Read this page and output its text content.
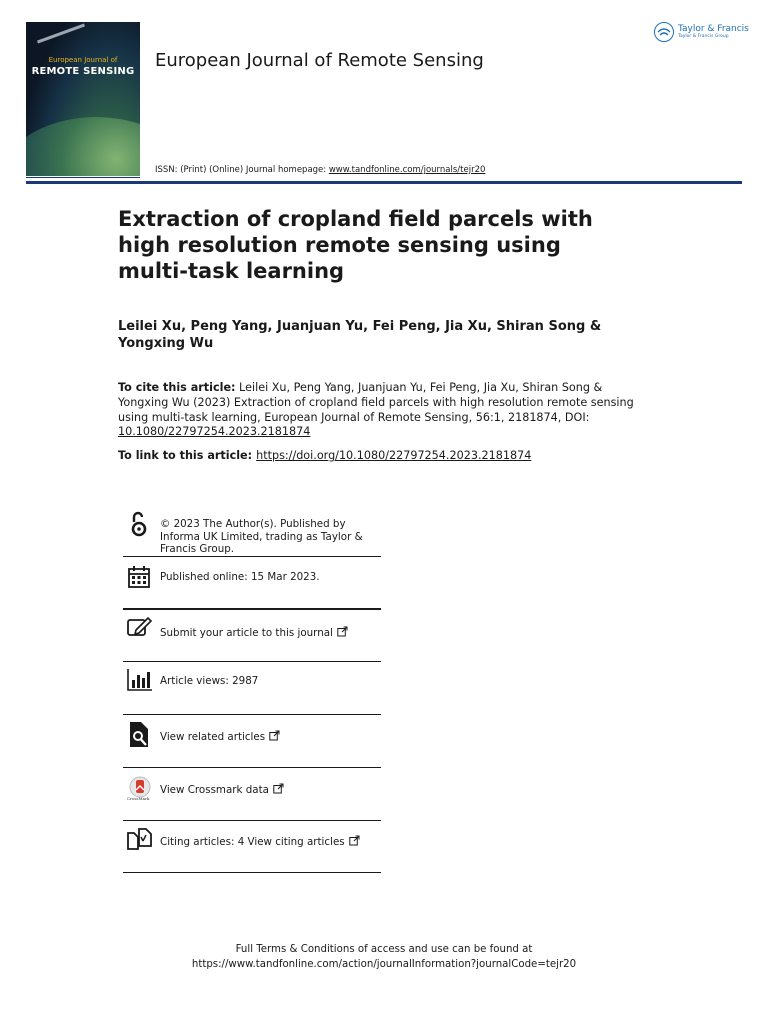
European Journal of
REMOTE SENSING
European Journal of Remote Sensing
ISSN: (Print) (Online) Journal homepage: www.tandfonline.com/journals/tejr20
Taylor & Francis
Taylor & Francis Group
Extraction of cropland field parcels with high resolution remote sensing using multi-task learning
Leilei Xu, Peng Yang, Juanjuan Yu, Fei Peng, Jia Xu, Shiran Song & Yongxing Wu
To cite this article: Leilei Xu, Peng Yang, Juanjuan Yu, Fei Peng, Jia Xu, Shiran Song & Yongxing Wu (2023) Extraction of cropland field parcels with high resolution remote sensing using multi-task learning, European Journal of Remote Sensing, 56:1, 2181874, DOI: 10.1080/22797254.2023.2181874
To link to this article: https://doi.org/10.1080/22797254.2023.2181874
© 2023 The Author(s). Published by Informa UK Limited, trading as Taylor & Francis Group.
Published online: 15 Mar 2023.
Submit your article to this journal
Article views: 2987
View related articles
CrossMark
View Crossmark data
Citing articles: 4 View citing articles
Full Terms & Conditions of access and use can be found at
https://www.tandfonline.com/action/journalInformation?journalCode=tejr20
